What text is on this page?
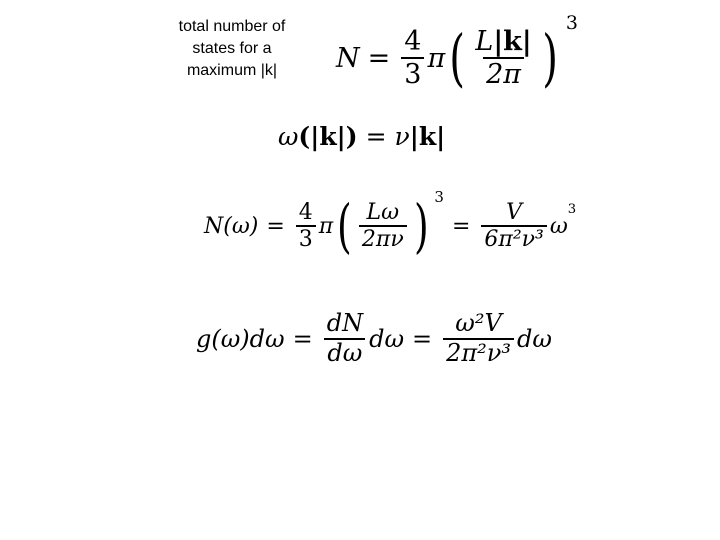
total number of
states for a
maximum |k|	$N = \frac{4}{3}$ π ( $\frac{L|k|}{2\pi}$ ) 3
ω (|k|) = ν |k|
$N(\omega) = \frac{4}{3}$ π ( $\frac{L\omega}{2\pi\nu}$ ) 3
= $\frac{V}{\text{6π²ν³}}$ ω
$^3$
$g(\omega)d\omega = \frac{dN}{d\omega}$ $d\omega = \frac{\text{ω²V}}{\text{2π²ν³}}$ dω
